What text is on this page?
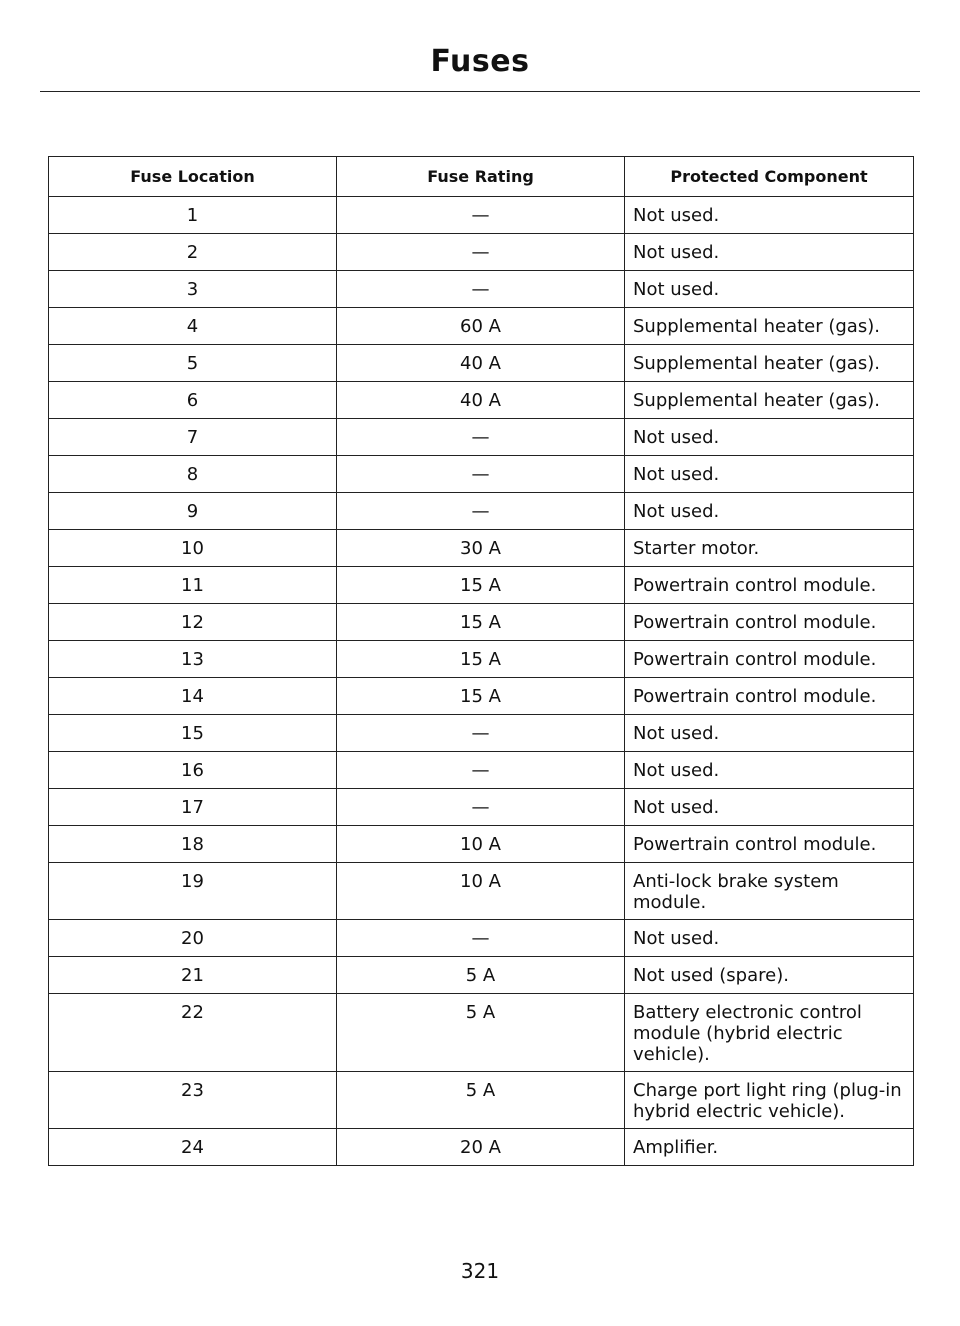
Fuses
Fuse Location	Fuse Rating	Protected Component
1	—	Not used.
2	—	Not used.
3	—	Not used.
4	60 A	Supplemental heater (gas).
5	40 A	Supplemental heater (gas).
6	40 A	Supplemental heater (gas).
7	—	Not used.
8	—	Not used.
9	—	Not used.
10	30 A	Starter motor.
11	15 A	Powertrain control module.
12	15 A	Powertrain control module.
13	15 A	Powertrain control module.
14	15 A	Powertrain control module.
15	—	Not used.
16	—	Not used.
17	—	Not used.
18	10 A	Powertrain control module.
19	10 A	Anti-lock brake system module.
20	—	Not used.
21	5 A	Not used (spare).
22	5 A	Battery electronic control module (hybrid electric vehicle).
23	5 A	Charge port light ring (plug-in hybrid electric vehicle).
24	20 A	Amplifier.
321
